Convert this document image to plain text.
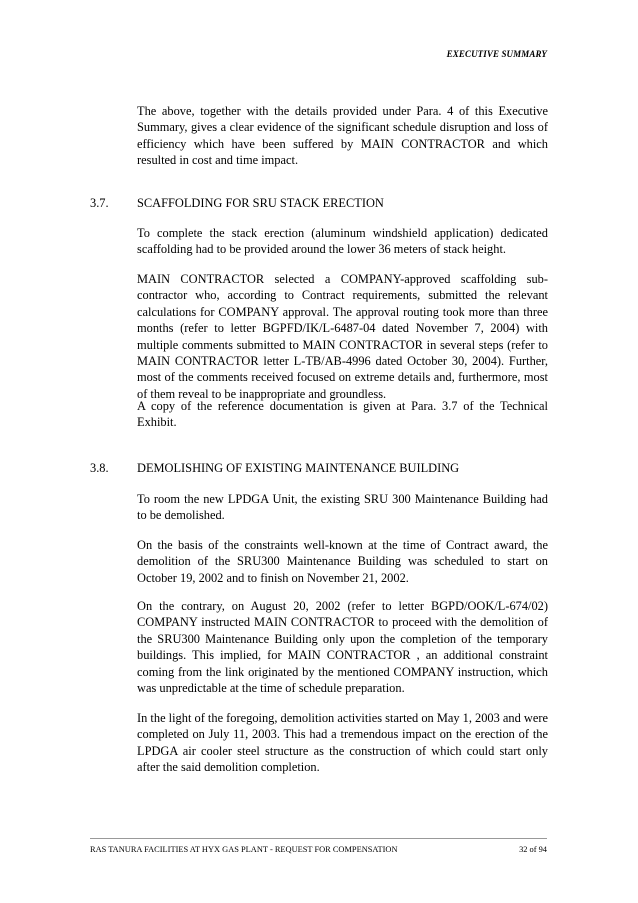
EXECUTIVE SUMMARY
The above, together with the details provided under Para. 4 of this Executive Summary, gives a clear evidence of the significant schedule disruption and loss of efficiency which have been suffered by MAIN CONTRACTOR and which resulted in cost and time impact.
3.7. SCAFFOLDING FOR SRU STACK ERECTION
To complete the stack erection (aluminum windshield application) dedicated scaffolding had to be provided around the lower 36 meters of stack height.
MAIN CONTRACTOR selected a COMPANY-approved scaffolding sub-contractor who, according to Contract requirements, submitted the relevant calculations for COMPANY approval. The approval routing took more than three months (refer to letter BGPFD/IK/L-6487-04 dated November 7, 2004) with multiple comments submitted to MAIN CONTRACTOR in several steps (refer to MAIN CONTRACTOR letter L-TB/AB-4996 dated October 30, 2004). Further, most of the comments received focused on extreme details and, furthermore, most of them reveal to be inappropriate and groundless.
A copy of the reference documentation is given at Para. 3.7 of the Technical Exhibit.
3.8. DEMOLISHING OF EXISTING MAINTENANCE BUILDING
To room the new LPDGA Unit, the existing SRU 300 Maintenance Building had to be demolished.
On the basis of the constraints well-known at the time of Contract award, the demolition of the SRU300 Maintenance Building was scheduled to start on October 19, 2002 and to finish on November 21, 2002.
On the contrary, on August 20, 2002 (refer to letter BGPD/OOK/L-674/02) COMPANY instructed MAIN CONTRACTOR to proceed with the demolition of the SRU300 Maintenance Building only upon the completion of the temporary buildings. This implied, for MAIN CONTRACTOR , an additional constraint coming from the link originated by the mentioned COMPANY instruction, which was unpredictable at the time of schedule preparation.
In the light of the foregoing, demolition activities started on May 1, 2003 and were completed on July 11, 2003. This had a tremendous impact on the erection of the LPDGA air cooler steel structure as the construction of which could start only after the said demolition completion.
RAS TANURA FACILITIES AT HYX GAS PLANT - REQUEST FOR COMPENSATION	32 of 94
